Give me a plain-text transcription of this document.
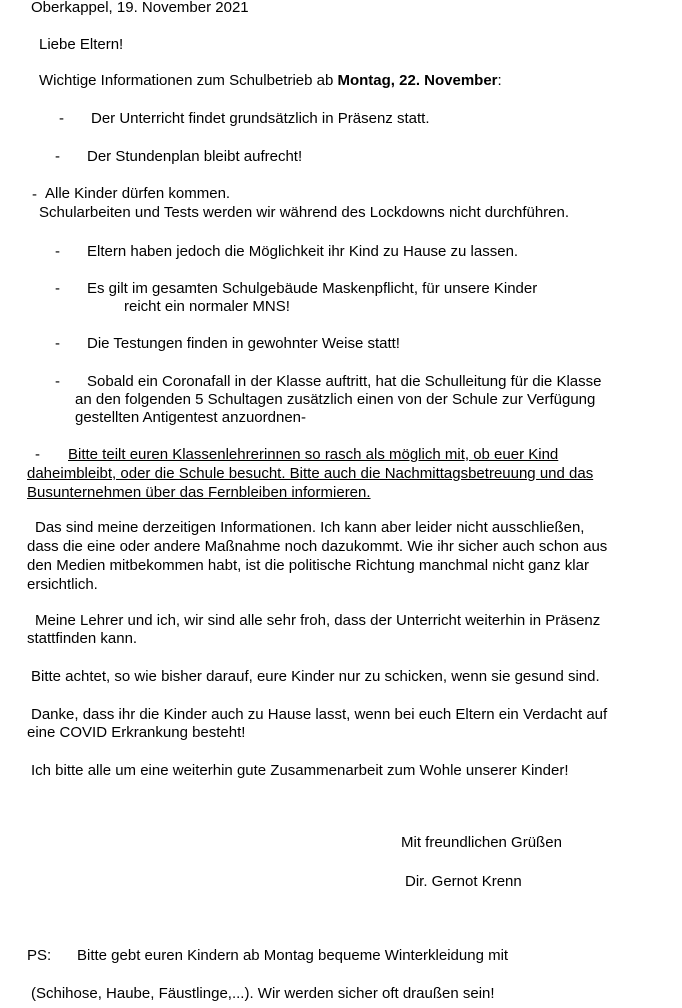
Oberkappel, 19. November 2021
Liebe Eltern!
Wichtige Informationen zum Schulbetrieb ab Montag, 22. November:
- Der Unterricht findet grundsätzlich in Präsenz statt.
- Der Stundenplan bleibt aufrecht!
- Alle Kinder dürfen kommen.
Schularbeiten und Tests werden wir während des Lockdowns nicht durchführen.
- Eltern haben jedoch die Möglichkeit ihr Kind zu Hause zu lassen.
- Es gilt im gesamten Schulgebäude Maskenpflicht, für unsere Kinder
reicht ein normaler MNS!
- Die Testungen finden in gewohnter Weise statt!
- Sobald ein Coronafall in der Klasse auftritt, hat die Schulleitung für die Klasse
an den folgenden 5 Schultagen zusätzlich einen von der Schule zur Verfügung
gestellten Antigentest anzuordnen-
- Bitte teilt euren Klassenlehrerinnen so rasch als möglich mit, ob euer Kind
daheimbleibt, oder die Schule besucht. Bitte auch die Nachmittagsbetreuung und das
Busunternehmen über das Fernbleiben informieren.
Das sind meine derzeitigen Informationen. Ich kann aber leider nicht ausschließen,
dass die eine oder andere Maßnahme noch dazukommt. Wie ihr sicher auch schon aus
den Medien mitbekommen habt, ist die politische Richtung manchmal nicht ganz klar
ersichtlich.
Meine Lehrer und ich, wir sind alle sehr froh, dass der Unterricht weiterhin in Präsenz
stattfinden kann.
Bitte achtet, so wie bisher darauf, eure Kinder nur zu schicken, wenn sie gesund sind.
Danke, dass ihr die Kinder auch zu Hause lasst, wenn bei euch Eltern ein Verdacht auf
eine COVID Erkrankung besteht!
Ich bitte alle um eine weiterhin gute Zusammenarbeit zum Wohle unserer Kinder!
Mit freundlichen Grüßen
Dir. Gernot Krenn
PS: Bitte gebt euren Kindern ab Montag bequeme Winterkleidung mit
(Schihose, Haube, Fäustlinge,...). Wir werden sicher oft draußen sein!
